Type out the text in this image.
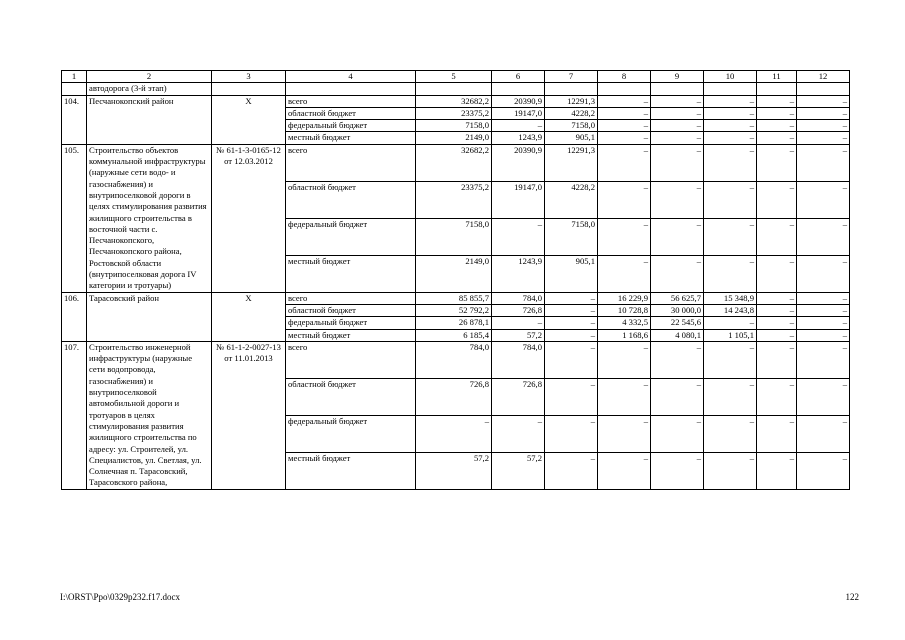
1	2	3	4	5	6	7	8	9	10	11	12
	автодорога (3-й этап)										
104.	Песчанокопский район	Х	всего	32682,2	20390,9	12291,3	–	–	–	–	–
			областной бюджет	23375,2	19147,0	4228,2	–	–	–	–	–
			федеральный бюджет	7158,0	–	7158,0	–	–	–	–	–
			местный бюджет	2149,0	1243,9	905,1	–	–	–	–	–
105.	Строительство объектов коммунальной инфраструктуры (наружные сети водо- и газоснабжения) и внутрипоселковой дороги в целях стимулирования развития жилищного строительства в восточной части с. Песчанокопского, Песчанокопского района, Ростовской области (внутрипоселковая дорога IV категории и тротуары)	№ 61-1-3-0165-12 от 12.03.2012	всего	32682,2	20390,9	12291,3	–	–	–	–	–
			областной бюджет	23375,2	19147,0	4228,2	–	–	–	–	–
			федеральный бюджет	7158,0	–	7158,0	–	–	–	–	–
			местный бюджет	2149,0	1243,9	905,1	–	–	–	–	–
106.	Тарасовский район	Х	всего	85 855,7	784,0	–	16 229,9	56 625,7	15 348,9	–	–
			областной бюджет	52 792,2	726,8	–	10 728,8	30 000,0	14 243,8	–	–
			федеральный бюджет	26 878,1	–	–	4 332,5	22 545,6	–	–	–
			местный бюджет	6 185,4	57,2	–	1 168,6	4 080,1	1 105,1	–	–
107.	Строительство инженерной инфраструктуры (наружные сети водопровода, газоснабжения) и внутрипоселковой автомобильной дороги и тротуаров в целях стимулирования развития жилищного строительства по адресу: ул. Строителей, ул. Специалистов, ул. Светлая, ул. Солнечная п. Тарасовский, Тарасовского района,	№ 61-1-2-0027-13 от 11.01.2013	всего	784,0	784,0	–	–	–	–	–	–
			областной бюджет	726,8	726,8	–	–	–	–	–	–
			федеральный бюджет	–	–	–	–	–	–	–	–
			местный бюджет	57,2	57,2	–	–	–	–	–	–
I:\ORST\Ppo\0329p232.f17.docx	122
